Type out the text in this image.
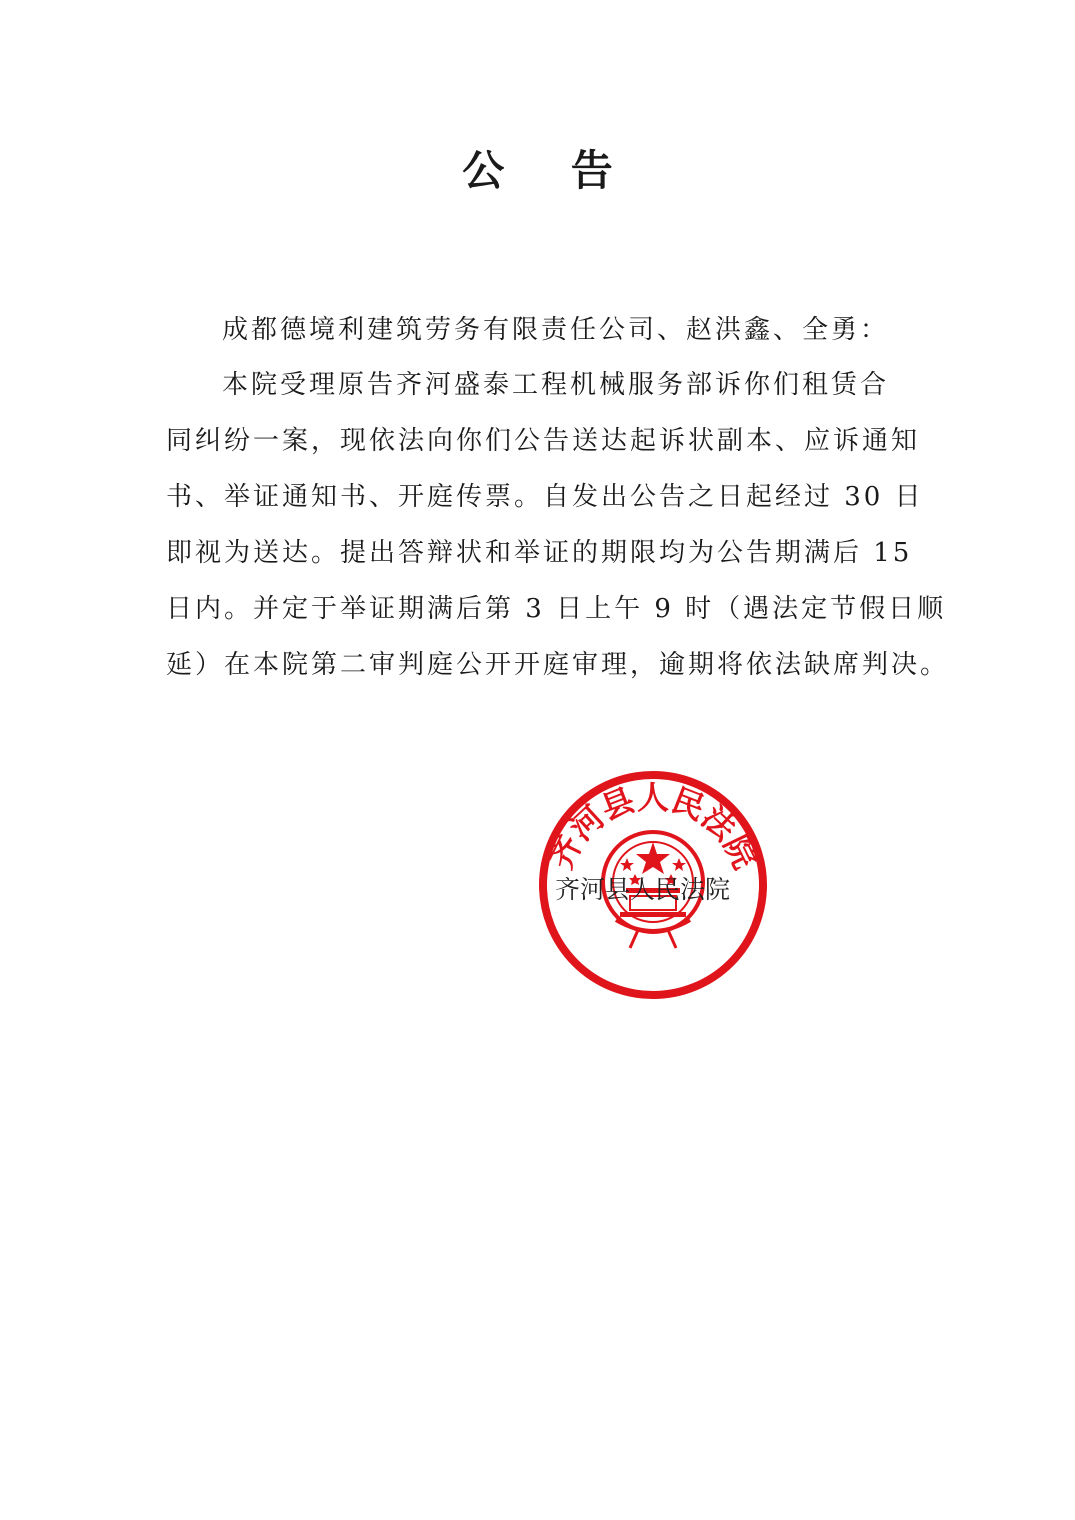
公 告
成都德境利建筑劳务有限责任公司、赵洪鑫、全勇：
本院受理原告齐河盛泰工程机械服务部诉你们租赁合
同纠纷一案，现依法向你们公告送达起诉状副本、应诉通知
书、举证通知书、开庭传票。自发出公告之日起经过 30 日
即视为送达。提出答辩状和举证的期限均为公告期满后 15
日内。并定于举证期满后第 3 日上午 9 时（遇法定节假日顺
延）在本院第二审判庭公开开庭审理，逾期将依法缺席判决。
齐河县人民法院
齐河县人民法院
